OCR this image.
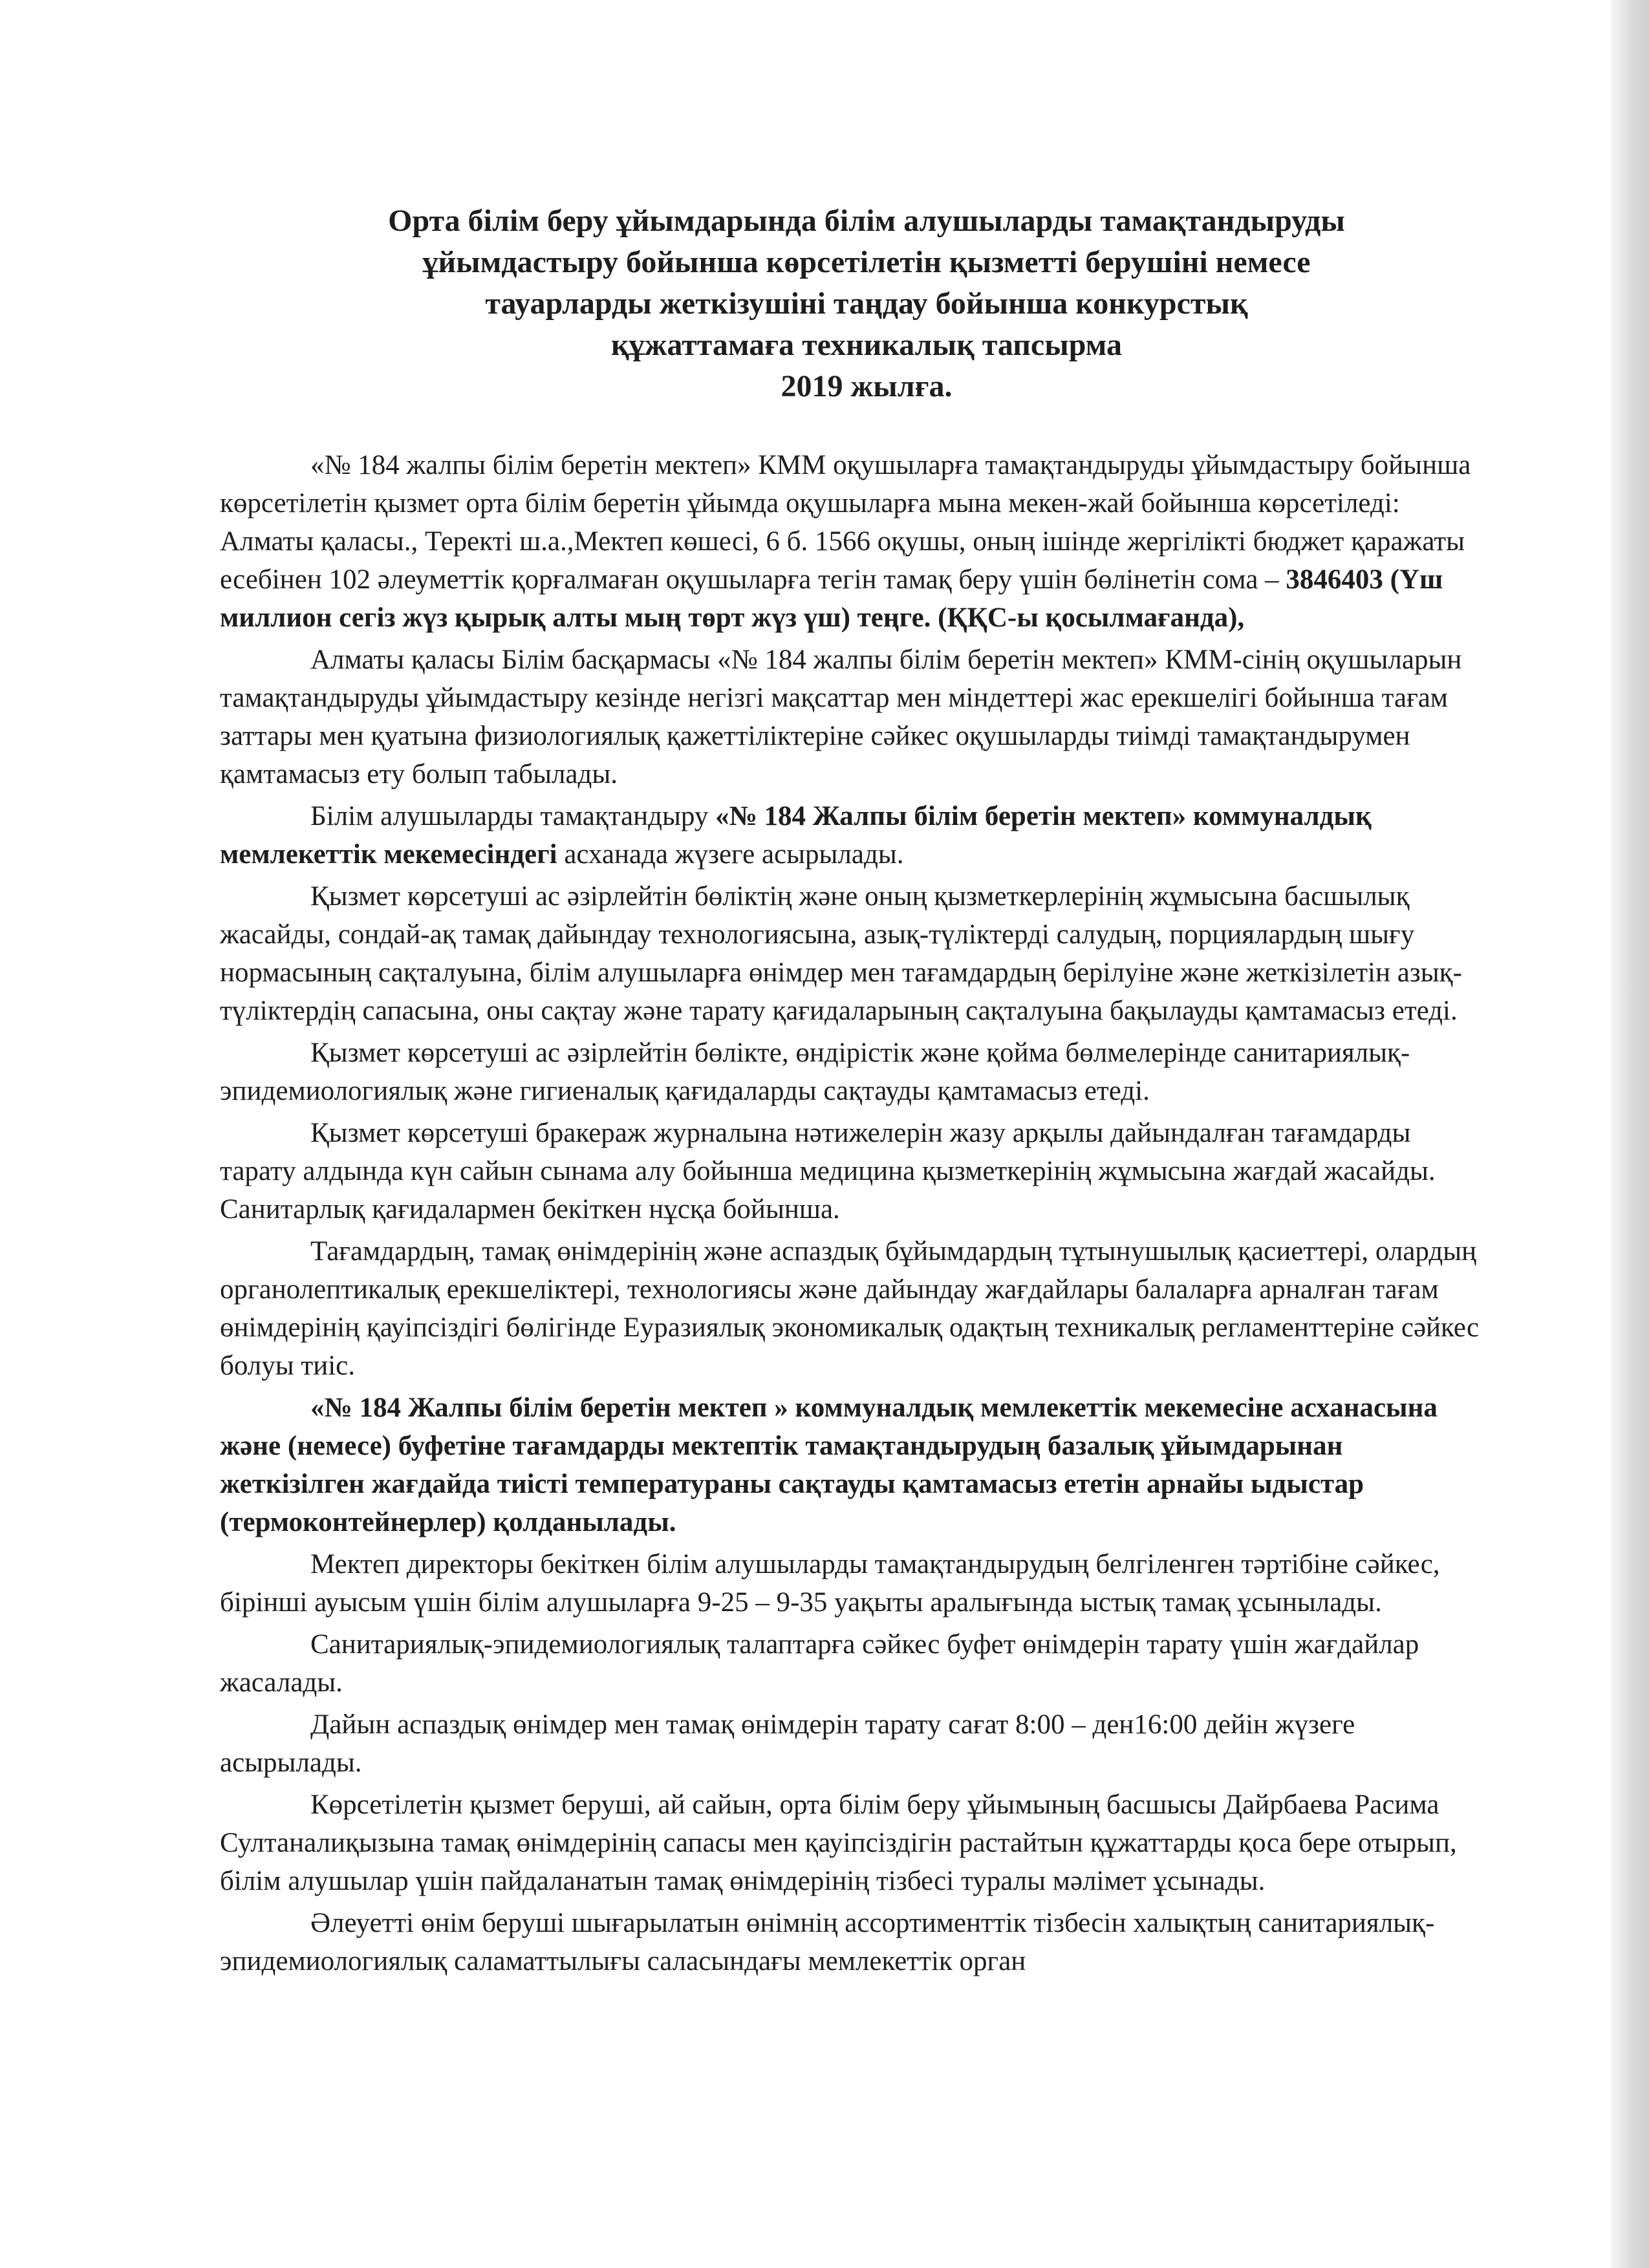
Орта білім беру ұйымдарында білім алушыларды тамақтандыруды
ұйымдастыру бойынша көрсетілетін қызметті берушіні немесе
тауарларды жеткізушіні таңдау бойынша конкурстық
құжаттамаға техникалық тапсырма
2019 жылға.

«№ 184 жалпы білім беретін мектеп» КММ оқушыларға тамақтандыруды ұйымдастыру бойынша көрсетілетін қызмет орта білім беретін ұйымда оқушыларға мына мекен-жай бойынша көрсетіледі: Алматы қаласы., Теректі ш.а.,Мектеп көшесі, 6 б. 1566 оқушы, оның ішінде жергілікті бюджет қаражаты есебінен 102 әлеуметтік қорғалмаған оқушыларға тегін тамақ беру үшін бөлінетін сома – 3846403 (Үш миллион сегіз жүз қырық алты мың төрт жүз үш) теңге. (ҚҚС-ы қосылмағанда),

Алматы қаласы Білім басқармасы «№ 184 жалпы білім беретін мектеп» КММ-сінің оқушыларын тамақтандыруды ұйымдастыру кезінде негізгі мақсаттар мен міндеттері жас ерекшелігі бойынша тағам заттары мен қуатына физиологиялық қажеттіліктеріне сәйкес оқушыларды тиімді тамақтандырумен қамтамасыз ету болып табылады.

Білім алушыларды тамақтандыру «№ 184 Жалпы білім беретін мектеп» коммуналдық мемлекеттік мекемесіндегі асханада жүзеге асырылады.

Қызмет көрсетуші ас әзірлейтін бөліктің және оның қызметкерлерінің жұмысына басшылық жасайды, сондай-ақ тамақ дайындау технологиясына, азық-түліктерді салудың, порциялардың шығу нормасының сақталуына, білім алушыларға өнімдер мен тағамдардың берілуіне және жеткізілетін азық-түліктердің сапасына, оны сақтау және тарату қағидаларының сақталуына бақылауды қамтамасыз етеді.

Қызмет көрсетуші ас әзірлейтін бөлікте, өндірістік және қойма бөлмелерінде санитариялық-эпидемиологиялық және гигиеналық қағидаларды сақтауды қамтамасыз етеді.

Қызмет көрсетуші бракераж журналына нәтижелерін жазу арқылы дайындалған тағамдарды тарату алдында күн сайын сынама алу бойынша медицина қызметкерінің жұмысына жағдай жасайды. Санитарлық қағидалармен бекіткен нұсқа бойынша.

Тағамдардың, тамақ өнімдерінің және аспаздық бұйымдардың тұтынушылық қасиеттері, олардың органолептикалық ерекшеліктері, технологиясы және дайындау жағдайлары балаларға арналған тағам өнімдерінің қауіпсіздігі бөлігінде Еуразиялық экономикалық одақтың техникалық регламенттеріне сәйкес болуы тиіс.

«№ 184 Жалпы білім беретін мектеп » коммуналдық мемлекеттік мекемесіне асханасына және (немесе) буфетіне тағамдарды мектептік тамақтандырудың базалық ұйымдарынан жеткізілген жағдайда тиісті температураны сақтауды қамтамасыз ететін арнайы ыдыстар (термоконтейнерлер) қолданылады.

Мектеп директоры бекіткен білім алушыларды тамақтандырудың белгіленген тәртібіне сәйкес, бірінші ауысым үшін білім алушыларға 9-25 – 9-35 уақыты аралығында ыстық тамақ ұсынылады.

Санитариялық-эпидемиологиялық талаптарға сәйкес буфет өнімдерін тарату үшін жағдайлар жасалады.

Дайын аспаздық өнімдер мен тамақ өнімдерін тарату сағат 8:00 – ден16:00 дейін жүзеге асырылады.

Көрсетілетін қызмет беруші, ай сайын, орта білім беру ұйымының басшысы Дайрбаева Расима Султаналиқызына тамақ өнімдерінің сапасы мен қауіпсіздігін растайтын құжаттарды қоса бере отырып, білім алушылар үшін пайдаланатын тамақ өнімдерінің тізбесі туралы мәлімет ұсынады.

Әлеуетті өнім беруші шығарылатын өнімнің ассортименттік тізбесін халықтың санитариялық-эпидемиологиялық саламаттылығы саласындағы мемлекеттік орган
